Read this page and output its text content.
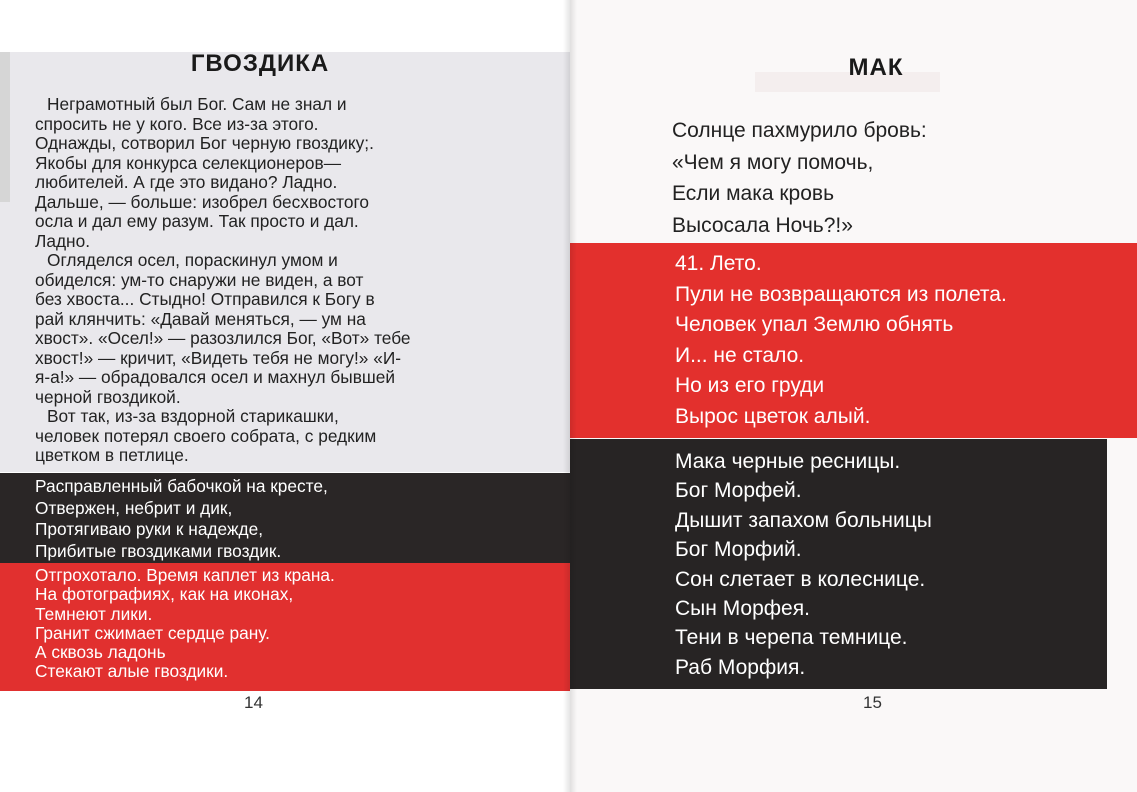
ГВОЗДИКА
Неграмотный был Бог. Сам не знал и
спросить не у кого. Все из-за этого.
Однажды, сотворил Бог черную гвоздику;.
Якобы для конкурса селекционеров—
любителей. А где это видано? Ладно.
Дальше, — больше: изобрел бесхвостого
осла и дал ему разум. Так просто и дал.
Ладно.
Огляделся осел, пораскинул умом и
обиделся: ум-то снаружи не виден, а вот
без хвоста... Стыдно! Отправился к Богу в
рай клянчить: «Давай меняться, — ум на
хвост». «Осел!» — разозлился Бог, «Вот» тебе
хвост!» — кричит, «Видеть тебя не могу!» «И-
я-а!» — обрадовался осел и махнул бывшей
черной гвоздикой.
Вот так, из-за вздорной старикашки,
человек потерял своего собрата, с редким
цветком в петлице.
Расправленный бабочкой на кресте,
Отвержен, небрит и дик,
Протягиваю руки к надежде,
Прибитые гвоздиками гвоздик.
Отгрохотало. Время каплет из крана.
На фотографиях, как на иконах,
Темнеют лики.
Гранит сжимает сердце рану.
А сквозь ладонь
Стекают алые гвоздики.
14
МАК
Солнце пахмурило бровь:
«Чем я могу помочь,
Если мака кровь
Высосала Ночь?!»
41. Лето.
Пули не возвращаются из полета.
Человек упал Землю обнять
И... не стало.
Но из его груди
Вырос цветок алый.
Мака черные ресницы.
Бог Морфей.
Дышит запахом больницы
Бог Морфий.
Сон слетает в колеснице.
Сын Морфея.
Тени в черепа темнице.
Раб Морфия.
15
